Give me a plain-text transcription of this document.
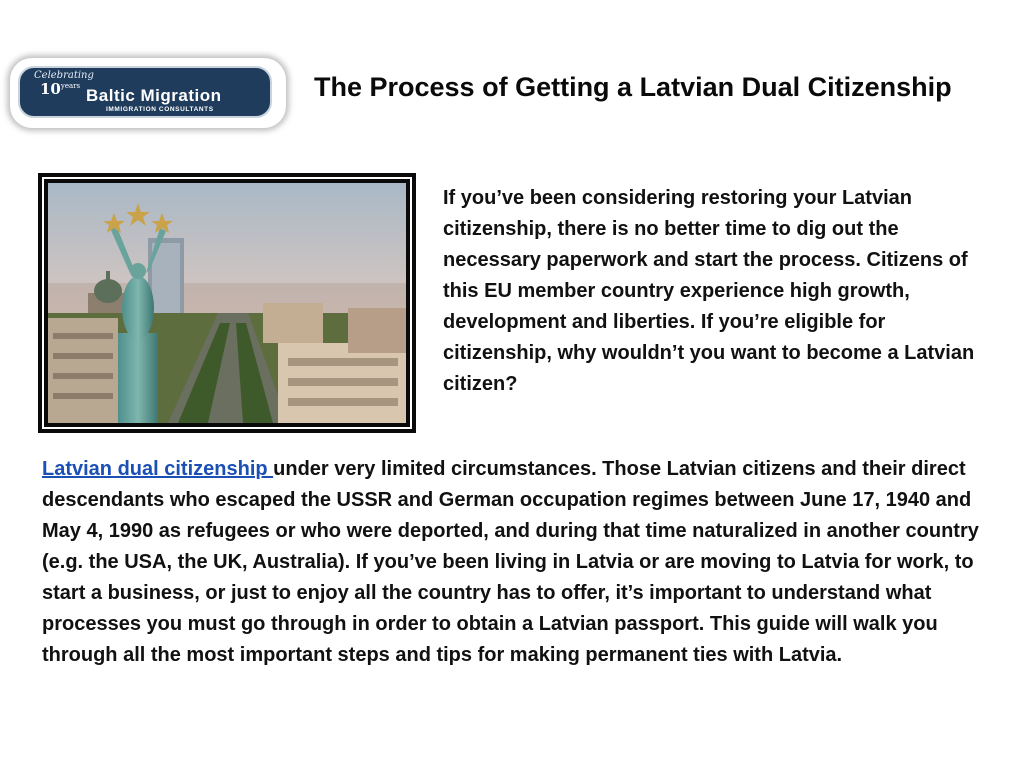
Celebrating
$10^{years}$ Baltic Migration
IMMIGRATION CONSULTANTS
The Process of Getting a Latvian Dual Citizenship

If you’ve been considering restoring your Latvian citizenship, there is no better time to dig out the necessary paperwork and start the process. Citizens of this EU member country experience high growth, development and liberties. If you’re eligible for citizenship, why wouldn’t you want to become a Latvian citizen?

Latvian dual citizenship under very limited circumstances. Those Latvian citizens and their direct descendants who escaped the USSR and German occupation regimes between June 17, 1940 and May 4, 1990 as refugees or who were deported, and during that time naturalized in another country (e.g. the USA, the UK, Australia). If you’ve been living in Latvia or are moving to Latvia for work, to start a business, or just to enjoy all the country has to offer, it’s important to understand what processes you must go through in order to obtain a Latvian passport. This guide will walk you through all the most important steps and tips for making permanent ties with Latvia.
